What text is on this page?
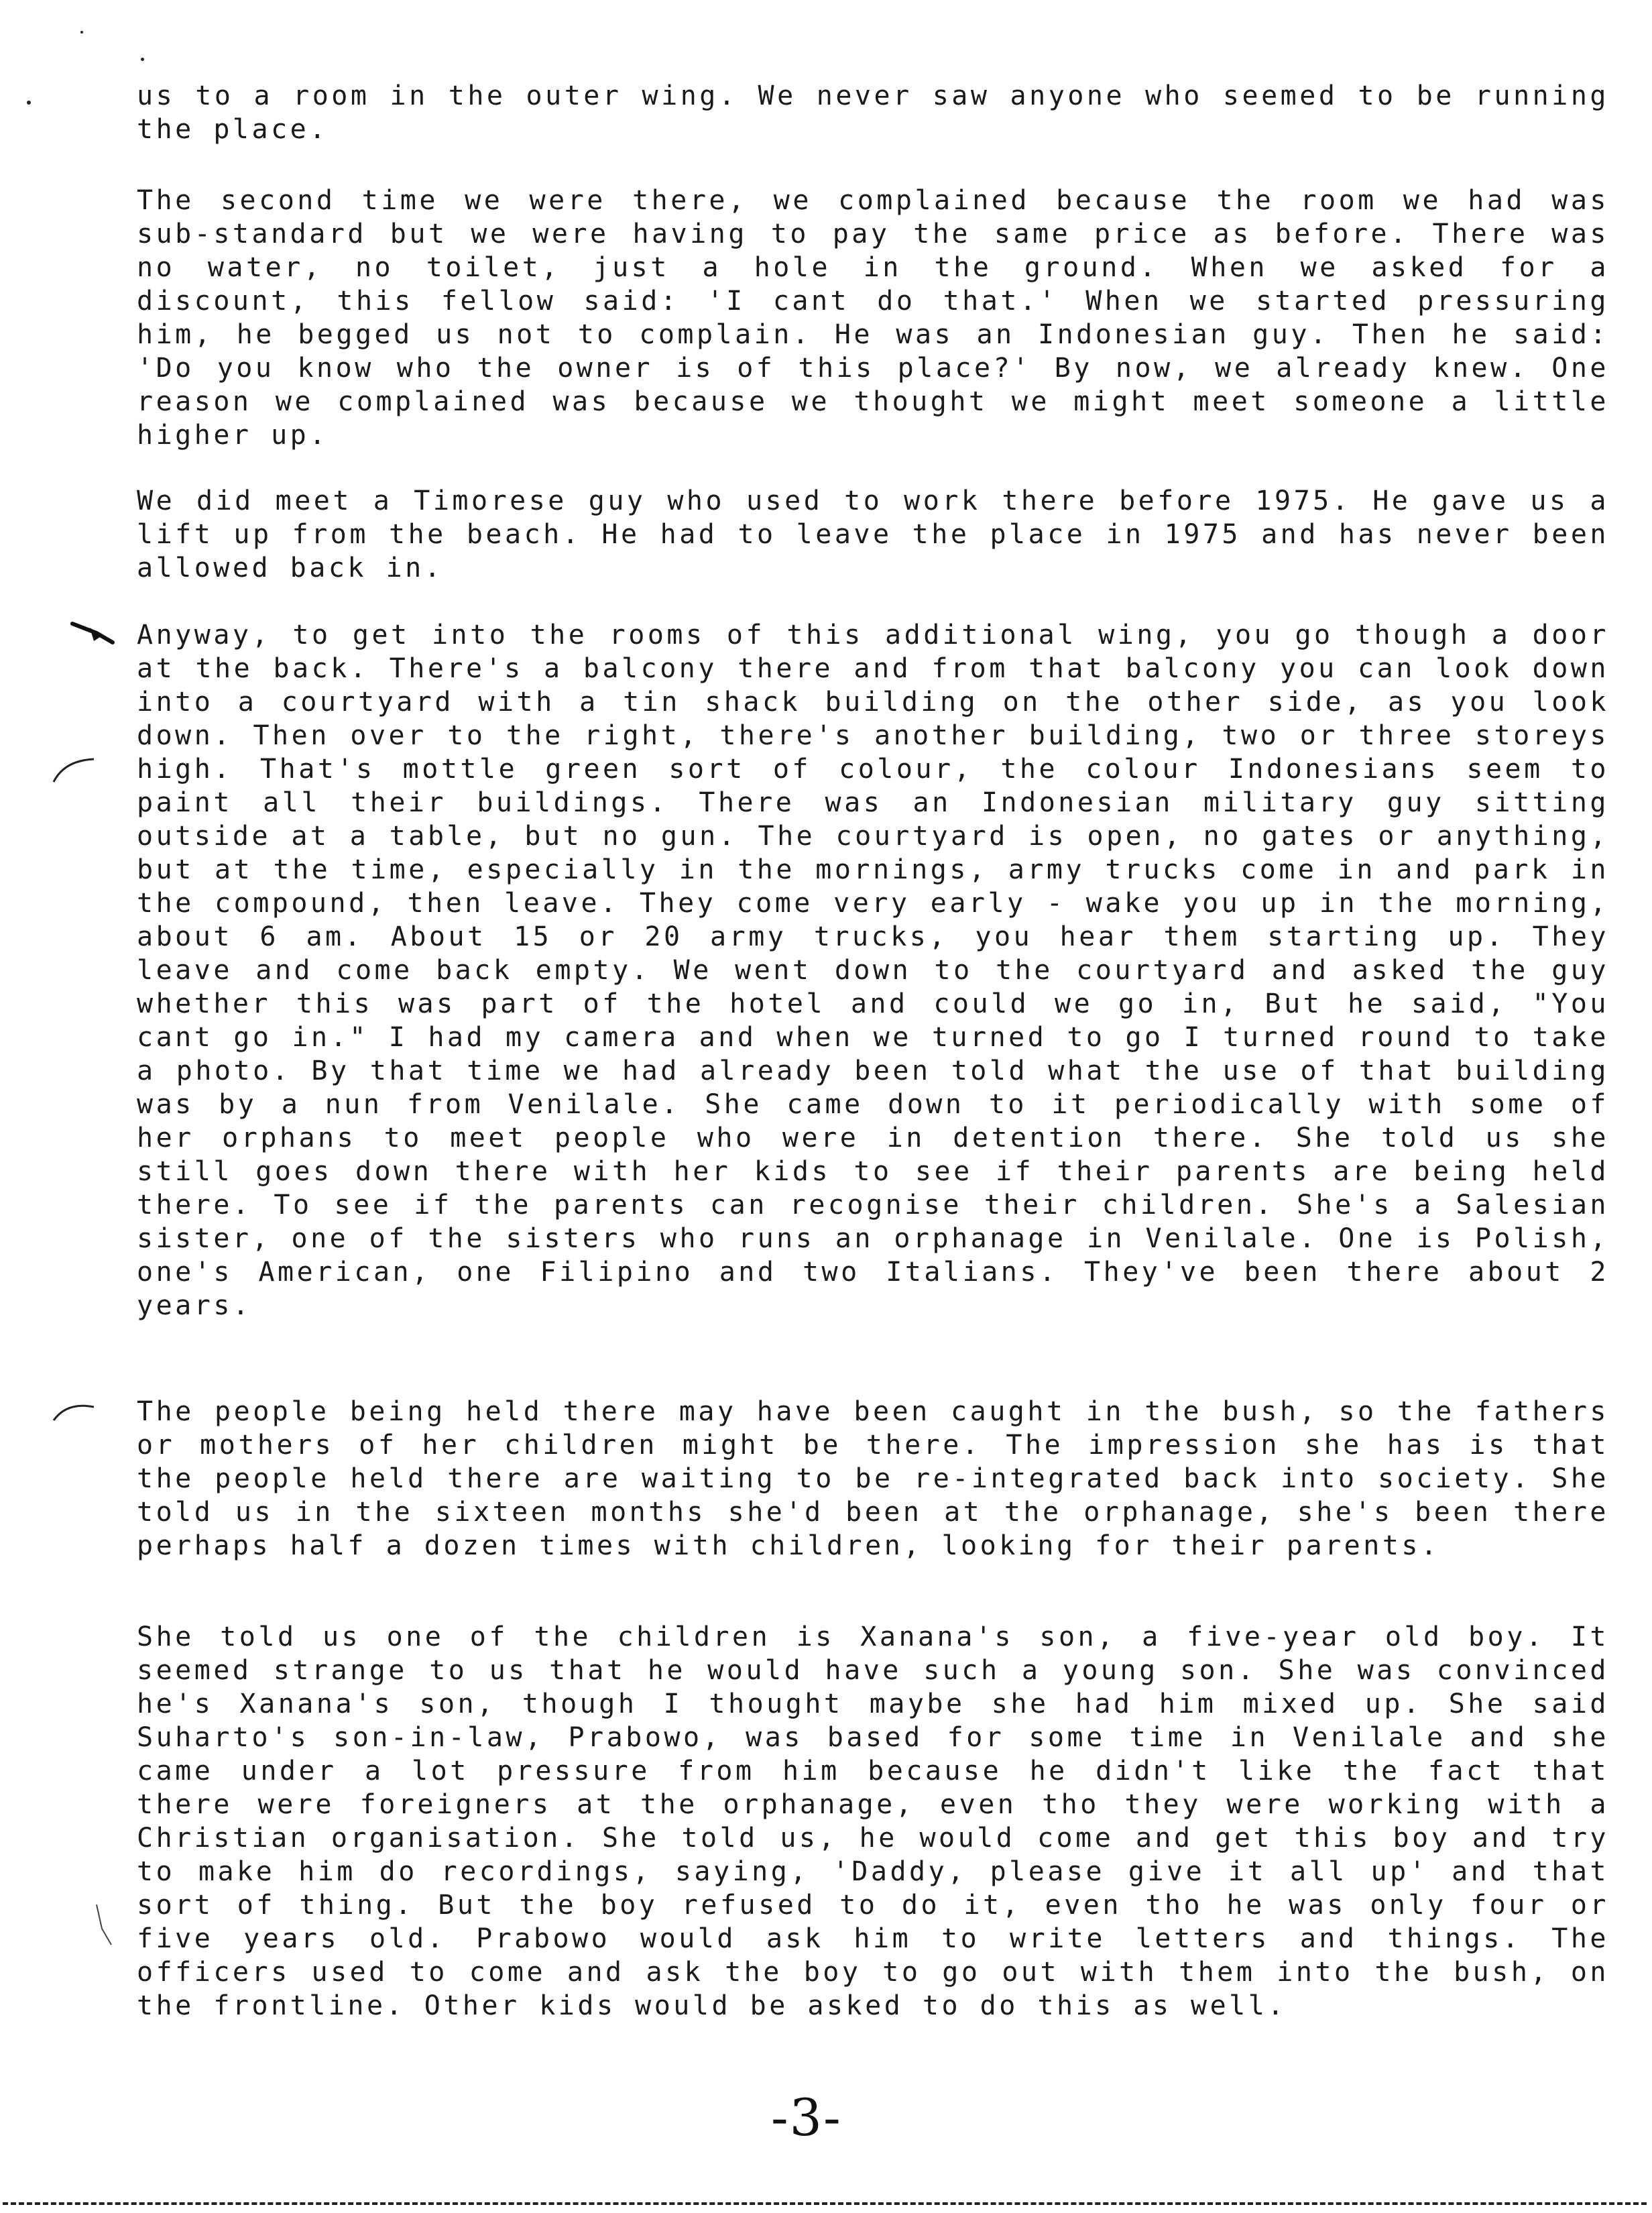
us to a room in the outer wing. We never saw anyone who seemed to be running the place.

The second time we were there, we complained because the room we had was sub-standard but we were having to pay the same price as before. There was no water, no toilet, just a hole in the ground. When we asked for a discount, this fellow said: 'I cant do that.' When we started pressuring him, he begged us not to complain. He was an Indonesian guy. Then he said: 'Do you know who the owner is of this place?' By now, we already knew. One reason we complained was because we thought we might meet someone a little higher up.

We did meet a Timorese guy who used to work there before 1975. He gave us a lift up from the beach. He had to leave the place in 1975 and has never been allowed back in.

Anyway, to get into the rooms of this additional wing, you go though a door at the back. There's a balcony there and from that balcony you can look down into a courtyard with a tin shack building on the other side, as you look down. Then over to the right, there's another building, two or three storeys high. That's mottle green sort of colour, the colour Indonesians seem to paint all their buildings. There was an Indonesian military guy sitting outside at a table, but no gun. The courtyard is open, no gates or anything, but at the time, especially in the mornings, army trucks come in and park in the compound, then leave. They come very early - wake you up in the morning, about 6 am. About 15 or 20 army trucks, you hear them starting up. They leave and come back empty. We went down to the courtyard and asked the guy whether this was part of the hotel and could we go in, But he said, "You cant go in." I had my camera and when we turned to go I turned round to take a photo. By that time we had already been told what the use of that building was by a nun from Venilale. She came down to it periodically with some of her orphans to meet people who were in detention there. She told us she still goes down there with her kids to see if their parents are being held there. To see if the parents can recognise their children. She's a Salesian sister, one of the sisters who runs an orphanage in Venilale. One is Polish, one's American, one Filipino and two Italians. They've been there about 2 years.

The people being held there may have been caught in the bush, so the fathers or mothers of her children might be there. The impression she has is that the people held there are waiting to be re-integrated back into society. She told us in the sixteen months she'd been at the orphanage, she's been there perhaps half a dozen times with children, looking for their parents.

She told us one of the children is Xanana's son, a five-year old boy. It seemed strange to us that he would have such a young son. She was convinced he's Xanana's son, though I thought maybe she had him mixed up. She said Suharto's son-in-law, Prabowo, was based for some time in Venilale and she came under a lot pressure from him because he didn't like the fact that there were foreigners at the orphanage, even tho they were working with a Christian organisation. She told us, he would come and get this boy and try to make him do recordings, saying, 'Daddy, please give it all up' and that sort of thing. But the boy refused to do it, even tho he was only four or five years old. Prabowo would ask him to write letters and things. The officers used to come and ask the boy to go out with them into the bush, on the frontline. Other kids would be asked to do this as well.

-3-
